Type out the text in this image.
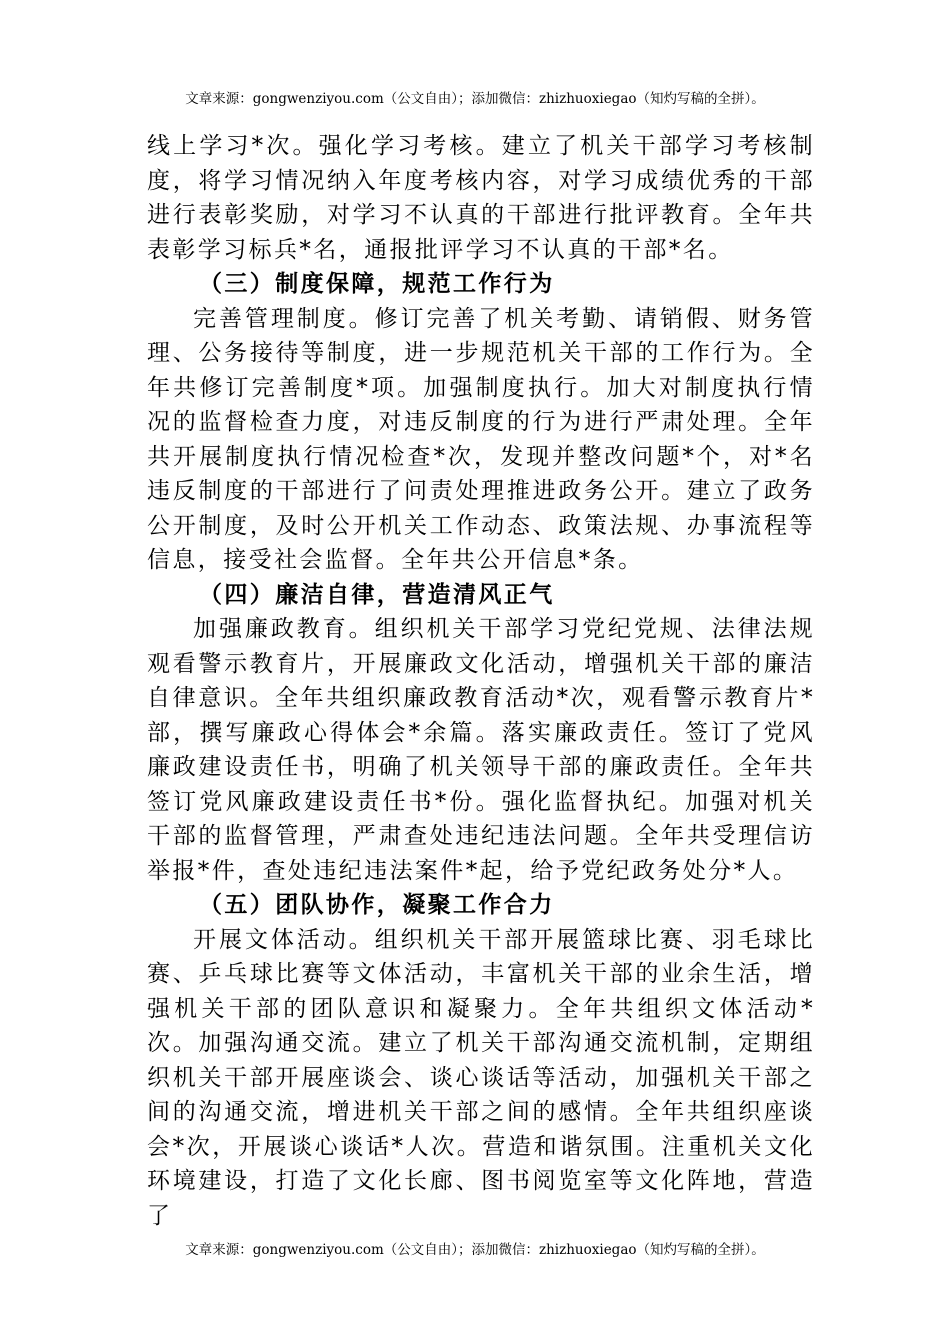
文章来源：gongwenziyou.com（公文自由）；添加微信：zhizhuoxiegao（知灼写稿的全拼）。

线上学习*次。强化学习考核。建立了机关干部学习考核制度，将学习情况纳入年度考核内容，对学习成绩优秀的干部进行表彰奖励，对学习不认真的干部进行批评教育。全年共表彰学习标兵*名，通报批评学习不认真的干部*名。

（三）制度保障，规范工作行为

完善管理制度。修订完善了机关考勤、请销假、财务管理、公务接待等制度，进一步规范机关干部的工作行为。全年共修订完善制度*项。加强制度执行。加大对制度执行情况的监督检查力度，对违反制度的行为进行严肃处理。全年共开展制度执行情况检查*次，发现并整改问题*个，对*名违反制度的干部进行了问责处理推进政务公开。建立了政务公开制度，及时公开机关工作动态、政策法规、办事流程等信息，接受社会监督。全年共公开信息*条。

（四）廉洁自律，营造清风正气

加强廉政教育。组织机关干部学习党纪党规、法律法规观看警示教育片，开展廉政文化活动，增强机关干部的廉洁自律意识。全年共组织廉政教育活动*次，观看警示教育片*部，撰写廉政心得体会*余篇。落实廉政责任。签订了党风廉政建设责任书，明确了机关领导干部的廉政责任。全年共签订党风廉政建设责任书*份。强化监督执纪。加强对机关干部的监督管理，严肃查处违纪违法问题。全年共受理信访举报*件，查处违纪违法案件*起，给予党纪政务处分*人。

（五）团队协作，凝聚工作合力

开展文体活动。组织机关干部开展篮球比赛、羽毛球比赛、乒乓球比赛等文体活动，丰富机关干部的业余生活，增强机关干部的团队意识和凝聚力。全年共组织文体活动*次。加强沟通交流。建立了机关干部沟通交流机制，定期组织机关干部开展座谈会、谈心谈话等活动，加强机关干部之间的沟通交流，增进机关干部之间的感情。全年共组织座谈会*次，开展谈心谈话*人次。营造和谐氛围。注重机关文化环境建设，打造了文化长廊、图书阅览室等文化阵地，营造了

文章来源：gongwenziyou.com（公文自由）；添加微信：zhizhuoxiegao（知灼写稿的全拼）。
